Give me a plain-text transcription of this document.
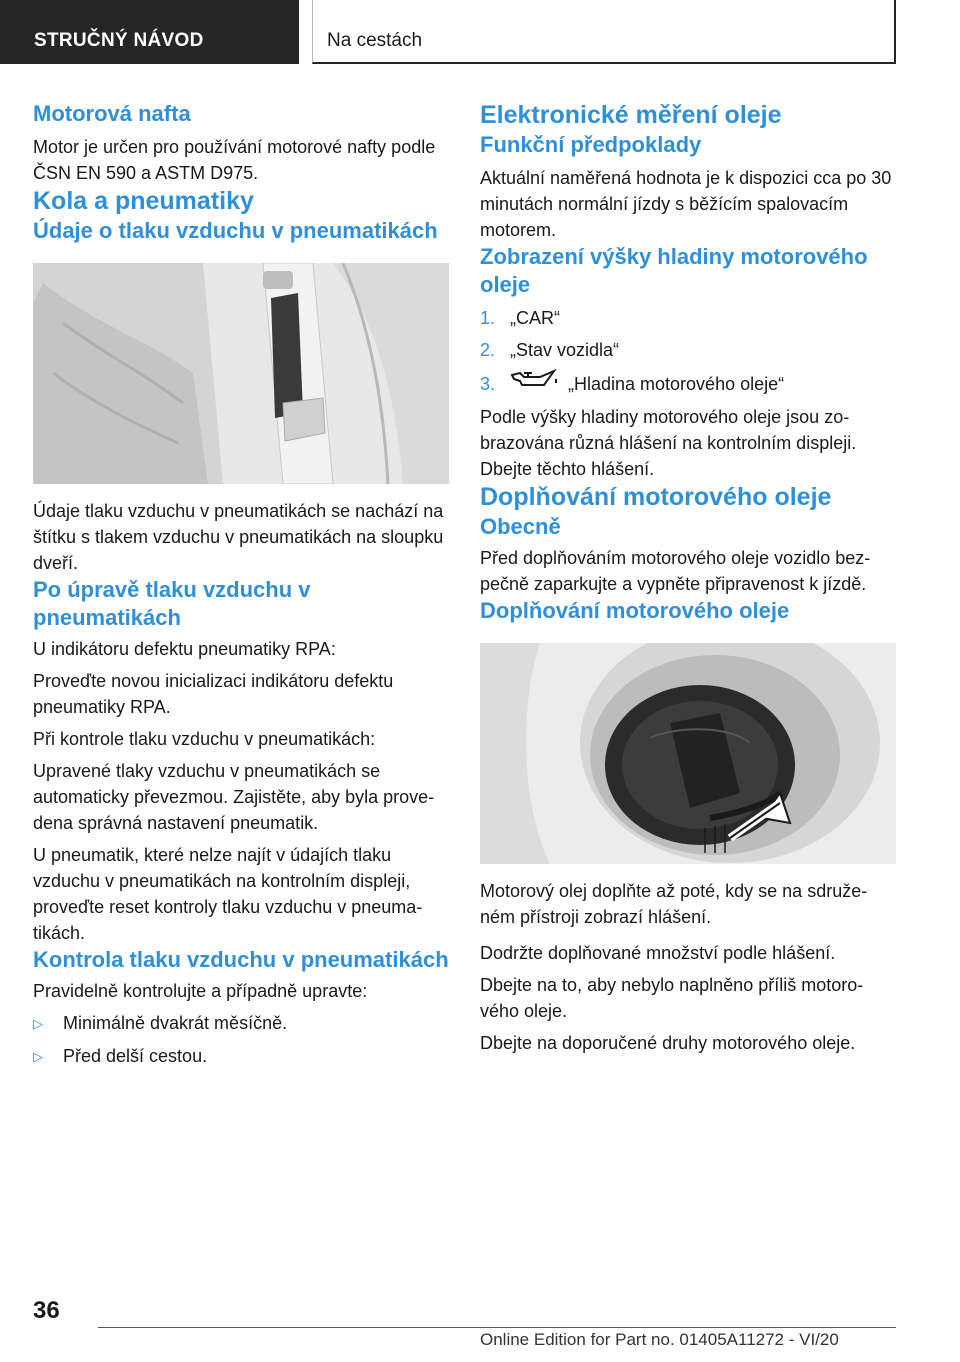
STRUČNÝ NÁVOD	Na cestách
Motorová nafta

Motor je určen pro používání motorové nafty podle ČSN EN 590 a ASTM D975.

Kola a pneumatiky
Údaje o tlaku vzduchu v pneumatikách

Údaje tlaku vzduchu v pneumatikách se nachází na štítku s tlakem vzduchu v pneumatikách na sloupku dveří.

Po úpravě tlaku vzduchu v pneumatikách

U indikátoru defektu pneumatiky RPA:

Proveďte novou inicializaci indikátoru defektu pneumatiky RPA.

Při kontrole tlaku vzduchu v pneumatikách:

Upravené tlaky vzduchu v pneumatikách se automaticky převezmou. Zajistěte, aby byla prove- dena správná nastavení pneumatik.

U pneumatik, které nelze najít v údajích tlaku vzduchu v pneumatikách na kontrolním displeji, proveďte reset kontroly tlaku vzduchu v pneuma- tikách.

Kontrola tlaku vzduchu v pneumatikách

Pravidelně kontrolujte a případně upravte:

▷	Minimálně dvakrát měsíčně.
▷	Před delší cestou.
Elektronické měření oleje
Funkční předpoklady

Aktuální naměřená hodnota je k dispozici cca po 30 minutách normální jízdy s běžícím spalovacím motorem.

Zobrazení výšky hladiny motorového oleje
1. „CAR“
2. „Stav vozidla“
3.	„Hladina motorového oleje“

Podle výšky hladiny motorového oleje jsou zo- brazována různá hlášení na kontrolním displeji. Dbejte těchto hlášení.

Doplňování motorového oleje
Obecně

Před doplňováním motorového oleje vozidlo bez- pečně zaparkujte a vypněte připravenost k jízdě.

Doplňování motorového oleje

Motorový olej doplňte až poté, kdy se na sdruže- ném přístroji zobrazí hlášení.

Dodržte doplňované množství podle hlášení.

Dbejte na to, aby nebylo naplněno příliš motoro- vého oleje.

Dbejte na doporučené druhy motorového oleje.

36
Online Edition for Part no. 01405A11272 - VI/20
